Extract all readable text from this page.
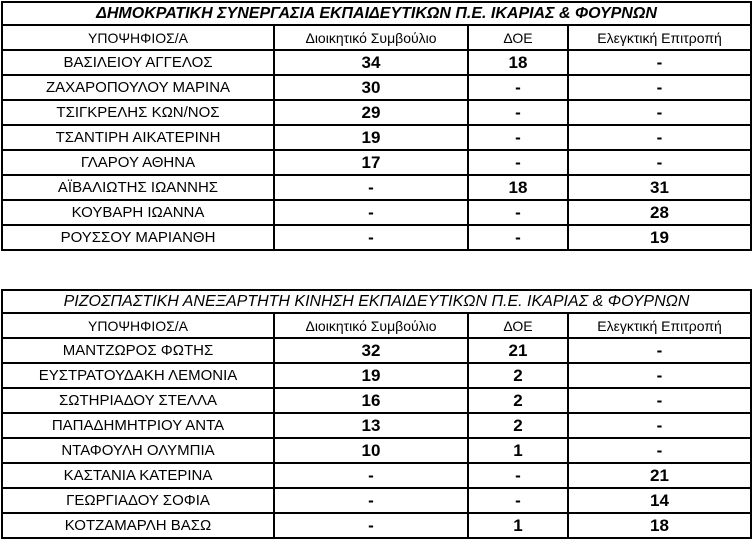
ΔΗΜΟΚΡΑΤΙΚΗ ΣΥΝΕΡΓΑΣΙΑ ΕΚΠΑΙΔΕΥΤΙΚΩΝ Π.Ε. ΙΚΑΡΙΑΣ & ΦΟΥΡΝΩΝ			
ΥΠΟΨΗΦΙΟΣ/Α	Διοικητικό Συμβούλιο	ΔΟΕ	Ελεγκτική Επιτροπή
ΒΑΣΙΛΕΙΟΥ ΑΓΓΕΛΟΣ	34	18	-
ΖΑΧΑΡΟΠΟΥΛΟΥ ΜΑΡΙΝΑ	30	-	-
ΤΣΙΓΚΡΕΛΗΣ ΚΩΝ/ΝΟΣ	29	-	-
ΤΣΑΝΤΙΡΗ ΑΙΚΑΤΕΡΙΝΗ	19	-	-
ΓΛΑΡΟΥ ΑΘΗΝΑ	17	-	-
ΑΪΒΑΛΙΩΤΗΣ ΙΩΑΝΝΗΣ	-	18	31
ΚΟΥΒΑΡΗ ΙΩΑΝΝΑ	-	-	28
ΡΟΥΣΣΟΥ ΜΑΡΙΑΝΘΗ	-	-	19
ΡΙΖΟΣΠΑΣΤΙΚΗ ΑΝΕΞΑΡΤΗΤΗ ΚΙΝΗΣΗ ΕΚΠΑΙΔΕΥΤΙΚΩΝ Π.Ε. ΙΚΑΡΙΑΣ & ΦΟΥΡΝΩΝ			
ΥΠΟΨΗΦΙΟΣ/Α	Διοικητικό Συμβούλιο	ΔΟΕ	Ελεγκτική Επιτροπή
ΜΑΝΤΖΩΡΟΣ ΦΩΤΗΣ	32	21	-
ΕΥΣΤΡΑΤΟΥΔΑΚΗ ΛΕΜΟΝΙΑ	19	2	-
ΣΩΤΗΡΙΑΔΟΥ ΣΤΕΛΛΑ	16	2	-
ΠΑΠΑΔΗΜΗΤΡΙΟΥ ΑΝΤΑ	13	2	-
ΝΤΑΦΟΥΛΗ ΟΛΥΜΠΙΑ	10	1	-
ΚΑΣΤΑΝΙΑ ΚΑΤΕΡΙΝΑ	-	-	21
ΓΕΩΡΓΙΑΔΟΥ ΣΟΦΙΑ	-	-	14
ΚΟΤΖΑΜΑΡΛΗ ΒΑΣΩ	-	1	18
